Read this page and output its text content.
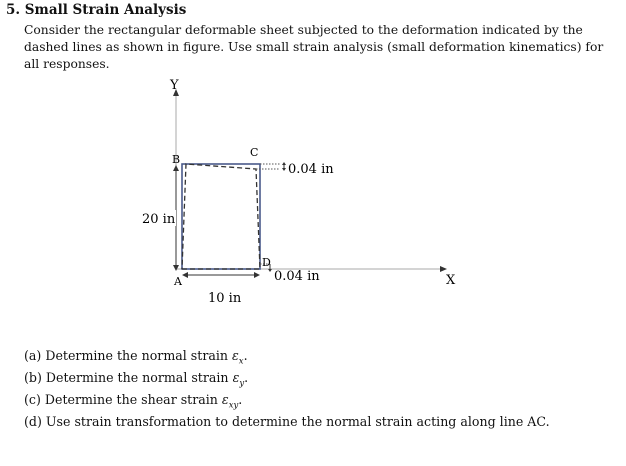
5. Small Strain Analysis
Consider the rectangular deformable sheet subjected to the deformation indicated by the dashed lines as shown in figure. Use small strain analysis (small deformation kinematics) for all responses.
Y
X
20 in
10 in
A
B
C
D
0.04 in
0.04 in
(a) Determine the normal strain $\varepsilon_x$.
(b) Determine the normal strain $\varepsilon_y$.
(c) Determine the shear strain $\varepsilon_{xy}$.
(d) Use strain transformation to determine the normal strain acting along line AC.
